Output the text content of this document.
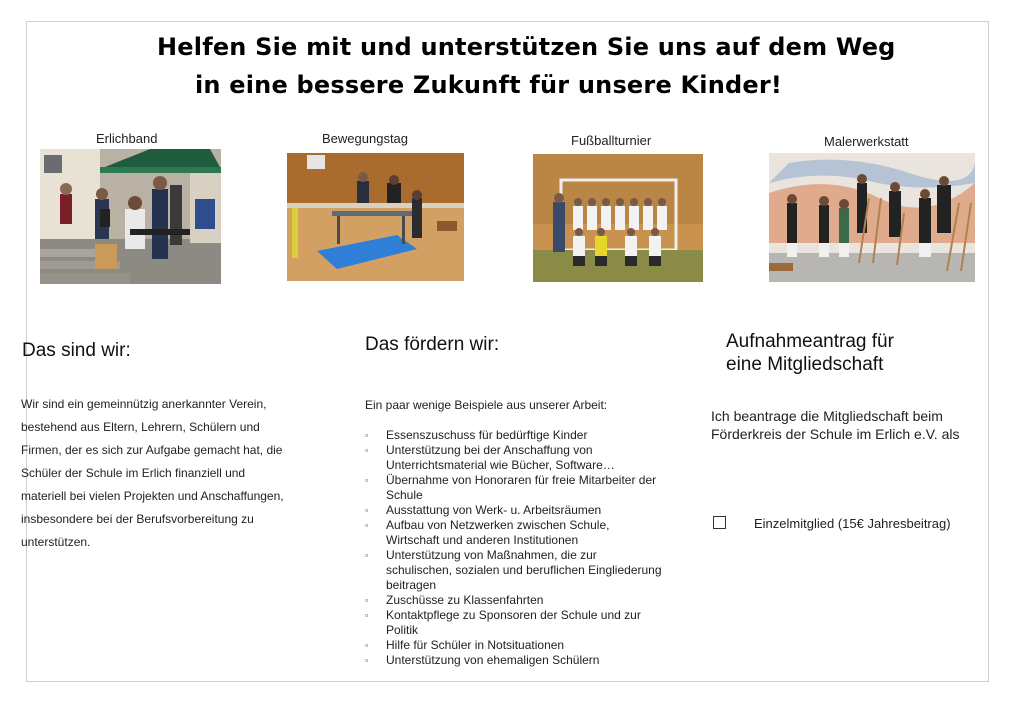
Helfen Sie mit und unterstützen Sie uns auf dem Weg
in eine bessere Zukunft für unsere Kinder!
Erlichband	Bewegungstag	Fußballturnier	Malerwerkstatt
Das sind wir:

Wir sind ein gemeinnützig anerkannter Verein,

bestehend aus Eltern, Lehrern, Schülern und

Firmen, der es sich zur Aufgabe gemacht hat, die

Schüler der Schule im Erlich finanziell und

materiell bei vielen Projekten und Anschaffungen,

insbesondere bei der Berufsvorbereitung zu

unterstützen.

Das fördern wir:
Ein paar wenige Beispiele aus unserer Arbeit:
▫ Essenszuschuss für bedürftige Kinder
▫ Unterstützung bei der Anschaffung von Unterrichtsmaterial wie Bücher, Software…
▫ Übernahme von Honoraren für freie Mitarbeiter der Schule
▫ Ausstattung von Werk- u. Arbeitsräumen
▫ Aufbau von Netzwerken zwischen Schule, Wirtschaft und anderen Institutionen
▫ Unterstützung von Maßnahmen, die zur schulischen, sozialen und beruflichen Eingliederung beitragen
▫ Zuschüsse zu Klassenfahrten
▫ Kontaktpflege zu Sponsoren der Schule und zur Politik
▫ Hilfe für Schüler in Notsituationen
▫ Unterstützung von ehemaligen Schülern
Aufnahmeantrag für
eine Mitgliedschaft
Ich beantrage die Mitgliedschaft beim Förderkreis der Schule im Erlich e.V. als
Einzelmitglied (15€ Jahresbeitrag)
